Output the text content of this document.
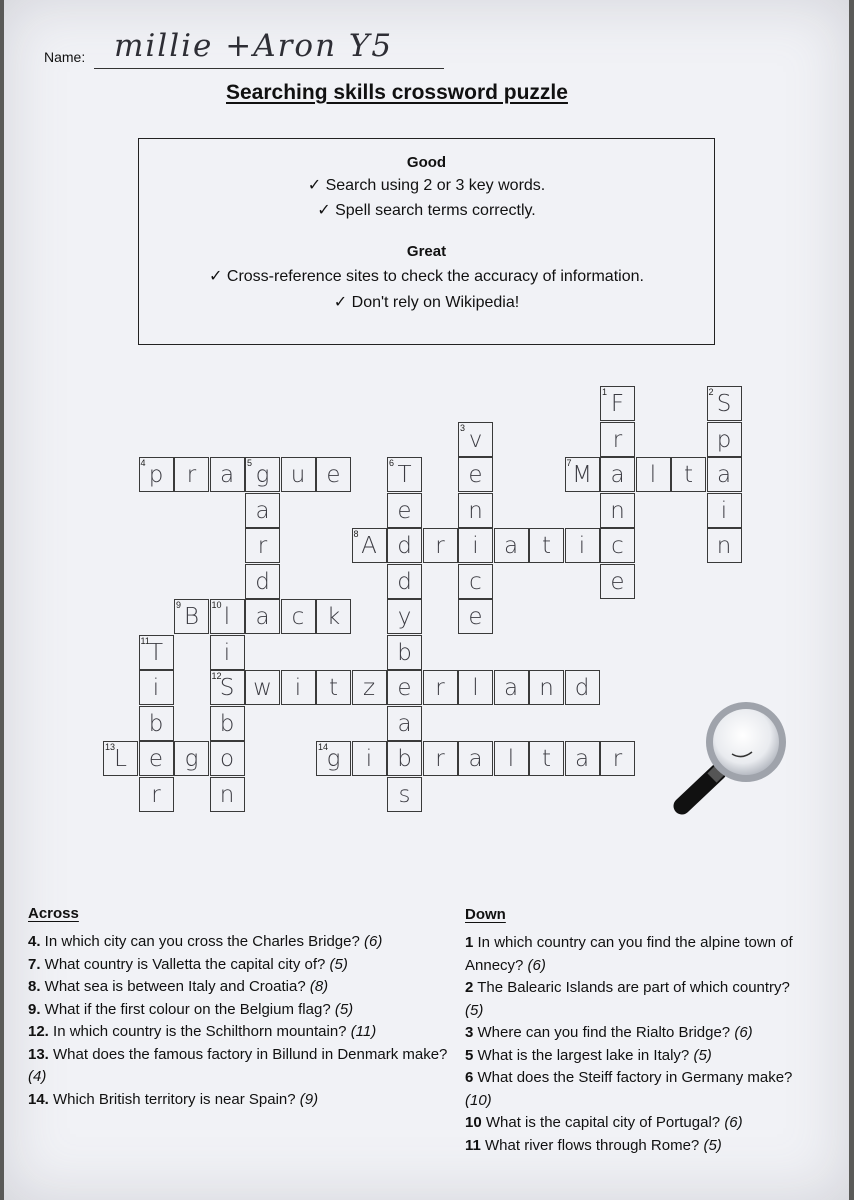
Name: millie +Aron Y5
Searching skills crossword puzzle
Good
✓ Search using 2 or 3 key words.
✓ Spell search terms correctly.
Great
✓ Cross-reference sites to check the accuracy of information.
✓ Don't rely on Wikipedia!
4 p	r	a	5 g u e	7 M a	l	t	a
8 A d	r	i	a	t	i	c
9 B	10 l	a c k
12
S w i	t	z e	r	l	a n d
13 L e g o	14
g	i	b	r	a	l	t	a	r
1 F
r
n
e
2 S
p
i
n
3 v
e
n
c
e
a
r
d
6 T
e
d
y
b
a
s
i
b
n
11 T
i
b
r
Across
4. In which city can you cross the Charles Bridge? (6)
7. What country is Valletta the capital city of? (5)
8. What sea is between Italy and Croatia? (8)
9. What if the first colour on the Belgium flag? (5)
12. In which country is the Schilthorn mountain? (11)
13. What does the famous factory in Billund in Denmark make? (4)
14. Which British territory is near Spain? (9)
Down
1 In which country can you find the alpine town of Annecy? (6)
2 The Balearic Islands are part of which country? (5)
3 Where can you find the Rialto Bridge? (6)
5 What is the largest lake in Italy? (5)
6 What does the Steiff factory in Germany make? (10)
10 What is the capital city of Portugal? (6)
11 What river flows through Rome? (5)
